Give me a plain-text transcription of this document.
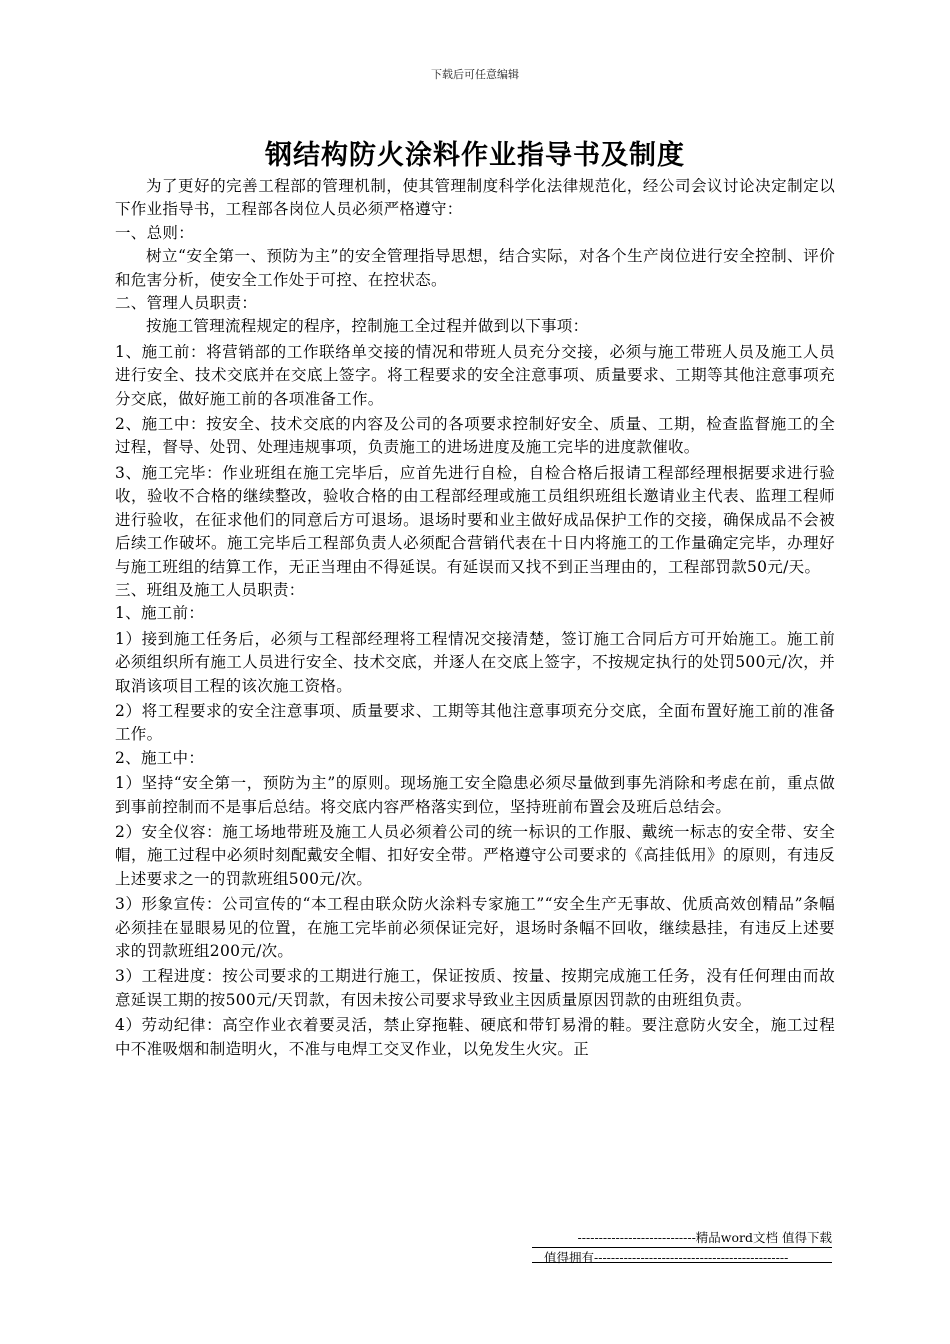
下载后可任意编辑
钢结构防火涂料作业指导书及制度

为了更好的完善工程部的管理机制，使其管理制度科学化法律规范化，经公司会议讨论决定制定以下作业指导书，工程部各岗位人员必须严格遵守：

一、总则：

树立“安全第一、预防为主”的安全管理指导思想，结合实际，对各个生产岗位进行安全控制、评价和危害分析，使安全工作处于可控、在控状态。

二、管理人员职责：

按施工管理流程规定的程序，控制施工全过程并做到以下事项：

1、施工前：将营销部的工作联络单交接的情况和带班人员充分交接，必须与施工带班人员及施工人员进行安全、技术交底并在交底上签字。将工程要求的安全注意事项、质量要求、工期等其他注意事项充分交底，做好施工前的各项准备工作。

2、施工中：按安全、技术交底的内容及公司的各项要求控制好安全、质量、工期，检查监督施工的全过程，督导、处罚、处理违规事项，负责施工的进场进度及施工完毕的进度款催收。

3、施工完毕：作业班组在施工完毕后，应首先进行自检，自检合格后报请工程部经理根据要求进行验收，验收不合格的继续整改，验收合格的由工程部经理或施工员组织班组长邀请业主代表、监理工程师进行验收，在征求他们的同意后方可退场。退场时要和业主做好成品保护工作的交接，确保成品不会被后续工作破坏。施工完毕后工程部负责人必须配合营销代表在十日内将施工的工作量确定完毕，办理好与施工班组的结算工作，无正当理由不得延误。有延误而又找不到正当理由的，工程部罚款50元/天。

三、班组及施工人员职责：

1、施工前：

1）接到施工任务后，必须与工程部经理将工程情况交接清楚，签订施工合同后方可开始施工。施工前必须组织所有施工人员进行安全、技术交底，并逐人在交底上签字，不按规定执行的处罚500元/次，并取消该项目工程的该次施工资格。

2）将工程要求的安全注意事项、质量要求、工期等其他注意事项充分交底，全面布置好施工前的准备工作。

2、施工中：

1）坚持“安全第一，预防为主”的原则。现场施工安全隐患必须尽量做到事先消除和考虑在前，重点做到事前控制而不是事后总结。将交底内容严格落实到位，坚持班前布置会及班后总结会。

2）安全仪容：施工场地带班及施工人员必须着公司的统一标识的工作服、戴统一标志的安全带、安全帽，施工过程中必须时刻配戴安全帽、扣好安全带。严格遵守公司要求的《高挂低用》的原则，有违反上述要求之一的罚款班组500元/次。

3）形象宣传：公司宣传的“本工程由联众防火涂料专家施工”“安全生产无事故、优质高效创精品”条幅必须挂在显眼易见的位置，在施工完毕前必须保证完好，退场时条幅不回收，继续悬挂，有违反上述要求的罚款班组200元/次。

3）工程进度：按公司要求的工期进行施工，保证按质、按量、按期完成施工任务，没有任何理由而故意延误工期的按500元/天罚款，有因未按公司要求导致业主因质量原因罚款的由班组负责。

4）劳动纪律：高空作业衣着要灵活，禁止穿拖鞋、硬底和带钉易滑的鞋。要注意防火安全，施工过程中不准吸烟和制造明火，不准与电焊工交叉作业，以免发生火灾。正

----------------------------精品word文档 值得下载
值得拥有----------------------------------------------
